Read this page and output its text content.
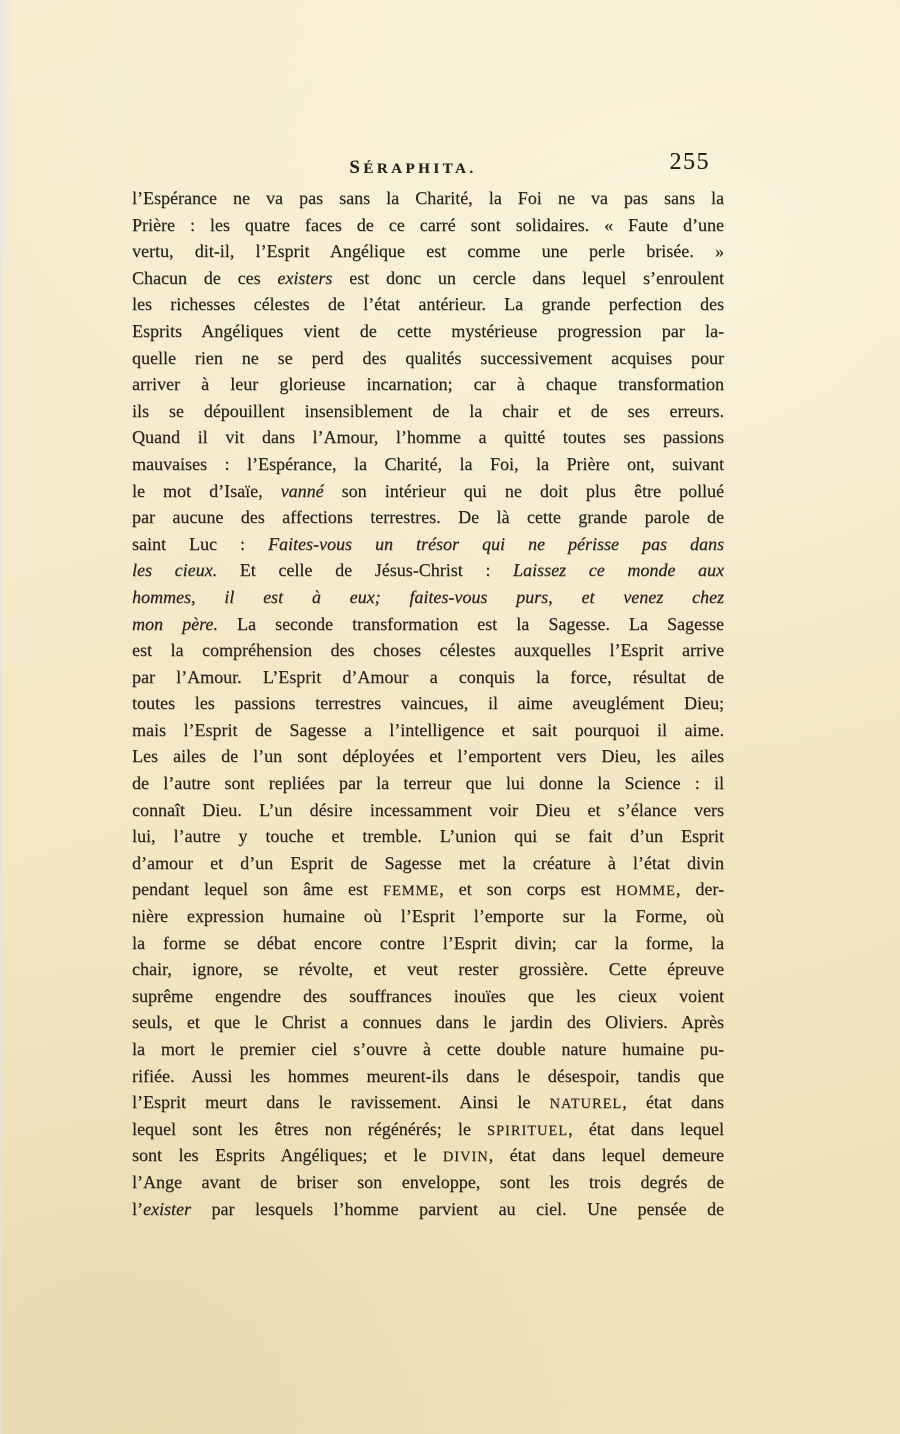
SÉRAPHITA.	255
l’Espérance ne va pas sans la Charité, la Foi ne va pas sans la
Prière : les quatre faces de ce carré sont solidaires. « Faute d’une
vertu, dit-il, l’Esprit Angélique est comme une perle brisée. »
Chacun de ces existers est donc un cercle dans lequel s’enroulent
les richesses célestes de l’état antérieur. La grande perfection des
Esprits Angéliques vient de cette mystérieuse progression par la-
quelle rien ne se perd des qualités successivement acquises pour
arriver à leur glorieuse incarnation; car à chaque transformation
ils se dépouillent insensiblement de la chair et de ses erreurs.
Quand il vit dans l’Amour, l’homme a quitté toutes ses passions
mauvaises : l’Espérance, la Charité, la Foi, la Prière ont, suivant
le mot d’Isaïe, vanné son intérieur qui ne doit plus être pollué
par aucune des affections terrestres. De là cette grande parole de
saint Luc : Faites-vous un trésor qui ne périsse pas dans
les cieux. Et celle de Jésus-Christ : Laissez ce monde aux
hommes, il est à eux; faites-vous purs, et venez chez
mon père. La seconde transformation est la Sagesse. La Sagesse
est la compréhension des choses célestes auxquelles l’Esprit arrive
par l’Amour. L’Esprit d’Amour a conquis la force, résultat de
toutes les passions terrestres vaincues, il aime aveuglément Dieu;
mais l’Esprit de Sagesse a l’intelligence et sait pourquoi il aime.
Les ailes de l’un sont déployées et l’emportent vers Dieu, les ailes
de l’autre sont repliées par la terreur que lui donne la Science : il
connaît Dieu. L’un désire incessamment voir Dieu et s’élance vers
lui, l’autre y touche et tremble. L’union qui se fait d’un Esprit
d’amour et d’un Esprit de Sagesse met la créature à l’état divin
pendant lequel son âme est FEMME, et son corps est HOMME, der-
nière expression humaine où l’Esprit l’emporte sur la Forme, où
la forme se débat encore contre l’Esprit divin; car la forme, la
chair, ignore, se révolte, et veut rester grossière. Cette épreuve
suprême engendre des souffrances inouïes que les cieux voient
seuls, et que le Christ a connues dans le jardin des Oliviers. Après
la mort le premier ciel s’ouvre à cette double nature humaine pu-
rifiée. Aussi les hommes meurent-ils dans le désespoir, tandis que
l’Esprit meurt dans le ravissement. Ainsi le NATUREL, état dans
lequel sont les êtres non régénérés; le SPIRITUEL, état dans lequel
sont les Esprits Angéliques; et le DIVIN, état dans lequel demeure
l’Ange avant de briser son enveloppe, sont les trois degrés de
l’exister par lesquels l’homme parvient au ciel. Une pensée de
